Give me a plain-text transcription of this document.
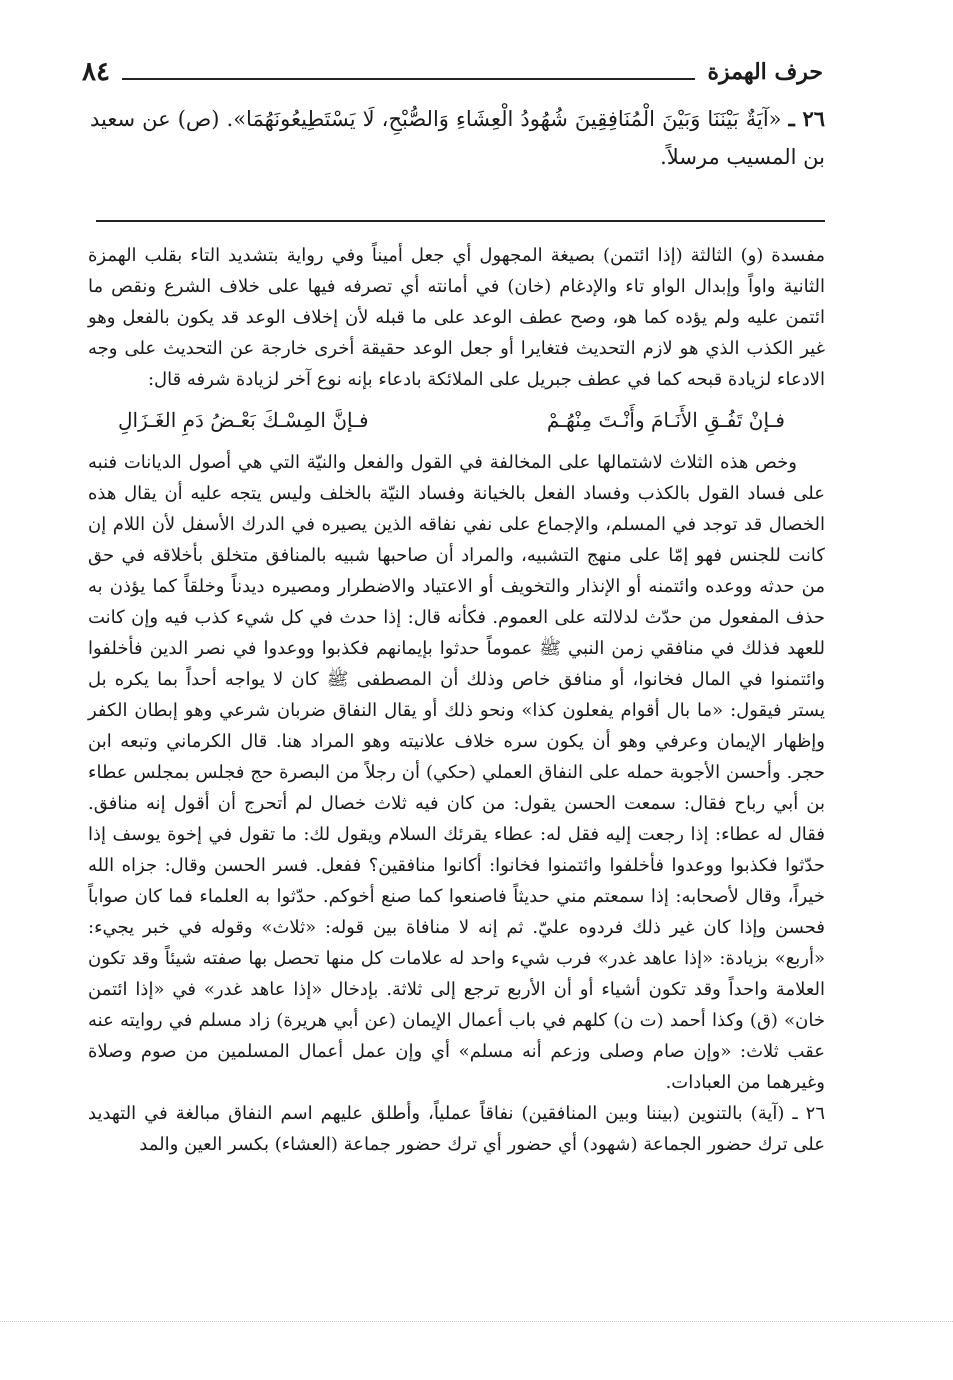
حرف الهمزة
٨٤
٢٦ ـ «آيَةٌ بَيْنَنَا وَبَيْنَ الْمُنَافِقِينَ شُهُودُ الْعِشَاءِ وَالصُّبْحِ، لَا يَسْتَطِيعُونَهُمَا». (ص) عن سعيد بن المسيب مرسلاً.

مفسدة (و) الثالثة (إذا ائتمن) بصيغة المجهول أي جعل أميناً وفي رواية بتشديد التاء بقلب الهمزة الثانية واواً وإبدال الواو تاء والإدغام (خان) في أمانته أي تصرفه فيها على خلاف الشرع ونقص ما ائتمن عليه ولم يؤده كما هو، وصح عطف الوعد على ما قبله لأن إخلاف الوعد قد يكون بالفعل وهو غير الكذب الذي هو لازم التحديث فتغايرا أو جعل الوعد حقيقة أخرى خارجة عن التحديث على وجه الادعاء لزيادة قبحه كما في عطف جبريل على الملائكة بادعاء بإنه نوع آخر لزيادة شرفه قال:

فـإنْ تَفُـقِ الأَنَـامَ وأَنْـتَ مِنْهُـمْ
فـإنَّ المِسْـكَ بَعْـضُ دَمِ الغَـزَالِ

وخص هذه الثلاث لاشتمالها على المخالفة في القول والفعل والنيّة التي هي أصول الديانات فنبه على فساد القول بالكذب وفساد الفعل بالخيانة وفساد النيّة بالخلف وليس يتجه عليه أن يقال هذه الخصال قد توجد في المسلم، والإجماع على نفي نفاقه الذين يصيره في الدرك الأسفل لأن اللام إن كانت للجنس فهو إمّا على منهج التشبيه، والمراد أن صاحبها شبيه بالمنافق متخلق بأخلاقه في حق من حدثه ووعده وائتمنه أو الإنذار والتخويف أو الاعتياد والاضطرار ومصيره ديدناً وخلقاً كما يؤذن به حذف المفعول من حدّث لدلالته على العموم. فكأنه قال: إذا حدث في كل شيء كذب فيه وإن كانت للعهد فذلك في منافقي زمن النبي ﷺ عموماً حدثوا بإيمانهم فكذبوا ووعدوا في نصر الدين فأخلفوا وائتمنوا في المال فخانوا، أو منافق خاص وذلك أن المصطفى ﷺ كان لا يواجه أحداً بما يكره بل يستر فيقول: «ما بال أقوام يفعلون كذا» ونحو ذلك أو يقال النفاق ضربان شرعي وهو إبطان الكفر وإظهار الإيمان وعرفي وهو أن يكون سره خلاف علانيته وهو المراد هنا. قال الكرماني وتبعه ابن حجر. وأحسن الأجوبة حمله على النفاق العملي (حكي) أن رجلاً من البصرة حج فجلس بمجلس عطاء بن أبي رباح فقال: سمعت الحسن يقول: من كان فيه ثلاث خصال لم أتحرج أن أقول إنه منافق. فقال له عطاء: إذا رجعت إليه فقل له: عطاء يقرئك السلام ويقول لك: ما تقول في إخوة يوسف إذا حدّثوا فكذبوا ووعدوا فأخلفوا وائتمنوا فخانوا: أكانوا منافقين؟ ففعل. فسر الحسن وقال: جزاه الله خيراً، وقال لأصحابه: إذا سمعتم مني حديثاً فاصنعوا كما صنع أخوكم. حدّثوا به العلماء فما كان صواباً فحسن وإذا كان غير ذلك فردوه عليّ. ثم إنه لا منافاة بين قوله: «ثلاث» وقوله في خبر يجيء: «أربع» بزيادة: «إذا عاهد غدر» فرب شيء واحد له علامات كل منها تحصل بها صفته شيئاً وقد تكون العلامة واحداً وقد تكون أشياء أو أن الأربع ترجع إلى ثلاثة. بإدخال «إذا عاهد غدر» في «إذا ائتمن خان» (ق) وكذا أحمد (ت ن) كلهم في باب أعمال الإيمان (عن أبي هريرة) زاد مسلم في روايته عنه عقب ثلاث: «وإن صام وصلى وزعم أنه مسلم» أي وإن عمل أعمال المسلمين من صوم وصلاة وغيرهما من العبادات.

٢٦ ـ (آية) بالتنوين (بيننا وبين المنافقين) نفاقاً عملياً، وأطلق عليهم اسم النفاق مبالغة في التهديد على ترك حضور الجماعة (شهود) أي حضور أي ترك حضور جماعة (العشاء) بكسر العين والمد
